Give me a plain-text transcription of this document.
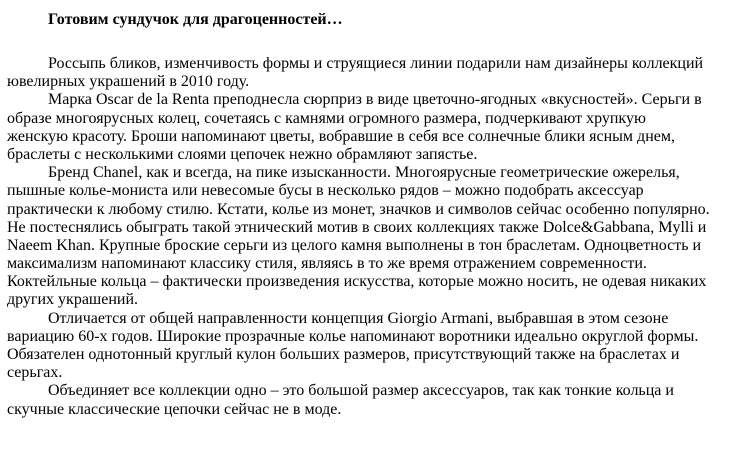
Готовим сундучок для драгоценностей…
Россыпь бликов, изменчивость формы и струящиеся линии подарили нам дизайнеры коллекций
ювелирных украшений в 2010 году.
Марка Oscar de la Renta преподнесла сюрприз в виде цветочно-ягодных «вкусностей». Серьги в
образе многоярусных колец, сочетаясь с камнями огромного размера, подчеркивают хрупкую
женскую красоту. Броши напоминают цветы, вобравшие в себя все солнечные блики ясным днем,
браслеты с несколькими слоями цепочек нежно обрамляют запястье.
Бренд Chanel, как и всегда, на пике изысканности. Многоярусные геометрические ожерелья,
пышные колье-мониста или невесомые бусы в несколько рядов – можно подобрать аксессуар
практически к любому стилю. Кстати, колье из монет, значков и символов сейчас особенно популярно.
Не постеснялись обыграть такой этнический мотив в своих коллекциях также Dolce&Gabbana, Mylli и
Naeem Khan. Крупные броские серьги из целого камня выполнены в тон браслетам. Одноцветность и
максимализм напоминают классику стиля, являясь в то же время отражением современности.
Коктейльные кольца – фактически произведения искусства, которые можно носить, не одевая никаких
других украшений.
Отличается от общей направленности концепция Giorgio Armani, выбравшая в этом сезоне
вариацию 60-х годов. Широкие прозрачные колье напоминают воротники идеально округлой формы.
Обязателен однотонный круглый кулон больших размеров, присутствующий также на браслетах и
серьгах.
Объединяет все коллекции одно – это большой размер аксессуаров, так как тонкие кольца и
скучные классические цепочки сейчас не в моде.
